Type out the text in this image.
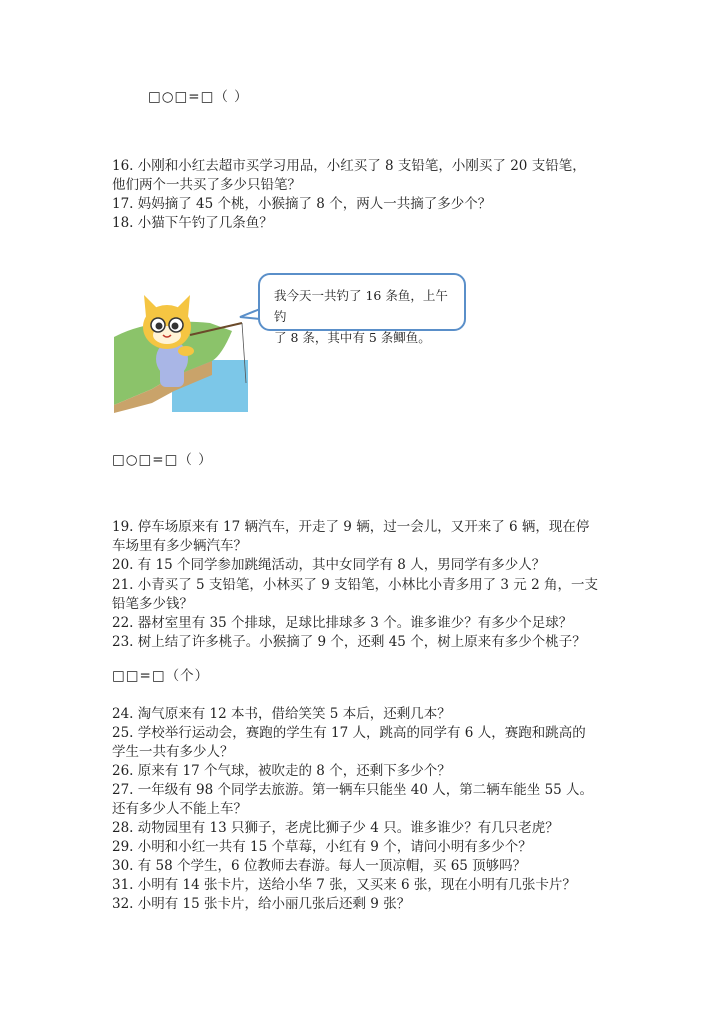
□○□=□（ ）
16. 小刚和小红去超市买学习用品，小红买了 8 支铅笔，小刚买了 20 支铅笔，
他们两个一共买了多少只铅笔？
17. 妈妈摘了 45 个桃，小猴摘了 8 个，两人一共摘了多少个？
18. 小猫下午钓了几条鱼？
我今天一共钓了 16 条鱼，上午钓
了 8 条，其中有 5 条鲫鱼。
□○□=□（ ）
19. 停车场原来有 17 辆汽车，开走了 9 辆，过一会儿，又开来了 6 辆，现在停
车场里有多少辆汽车？
20. 有 15 个同学参加跳绳活动，其中女同学有 8 人，男同学有多少人？
21. 小青买了 5 支铅笔，小林买了 9 支铅笔，小林比小青多用了 3 元 2 角，一支
铅笔多少钱？
22. 器材室里有 35 个排球，足球比排球多 3 个。谁多谁少？有多少个足球？
23. 树上结了许多桃子。小猴摘了 9 个，还剩 45 个，树上原来有多少个桃子？
□□=□（个）
24. 淘气原来有 12 本书，借给笑笑 5 本后，还剩几本？
25. 学校举行运动会，赛跑的学生有 17 人，跳高的同学有 6 人，赛跑和跳高的
学生一共有多少人？
26. 原来有 17 个气球，被吹走的 8 个，还剩下多少个？
27. 一年级有 98 个同学去旅游。第一辆车只能坐 40 人，第二辆车能坐 55 人。
还有多少人不能上车？
28. 动物园里有 13 只狮子，老虎比狮子少 4 只。谁多谁少？有几只老虎？
29. 小明和小红一共有 15 个草莓，小红有 9 个，请问小明有多少个？
30. 有 58 个学生，6 位教师去春游。每人一顶凉帽，买 65 顶够吗？
31. 小明有 14 张卡片，送给小华 7 张，又买来 6 张，现在小明有几张卡片？
32. 小明有 15 张卡片，给小丽几张后还剩 9 张？
